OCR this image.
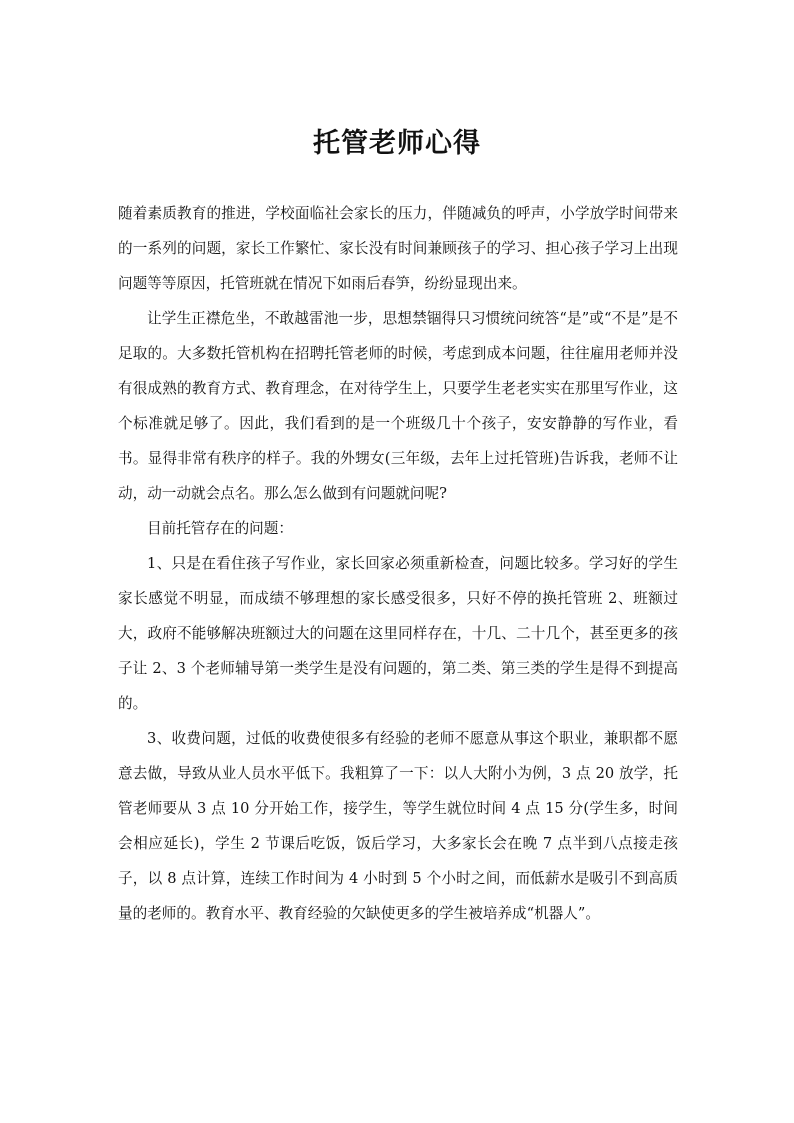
托管老师心得

随着素质教育的推进，学校面临社会家长的压力，伴随减负的呼声，小学放学时间带来的一系列的问题，家长工作繁忙、家长没有时间兼顾孩子的学习、担心孩子学习上出现问题等等原因，托管班就在情况下如雨后春笋，纷纷显现出来。

让学生正襟危坐，不敢越雷池一步，思想禁锢得只习惯统问统答“是”或“不是”是不足取的。大多数托管机构在招聘托管老师的时候，考虑到成本问题，往往雇用老师并没有很成熟的教育方式、教育理念，在对待学生上，只要学生老老实实在那里写作业，这个标准就足够了。因此，我们看到的是一个班级几十个孩子，安安静静的写作业，看书。显得非常有秩序的样子。我的外甥女(三年级，去年上过托管班)告诉我，老师不让动，动一动就会点名。那么怎么做到有问题就问呢?

目前托管存在的问题：

1、只是在看住孩子写作业，家长回家必须重新检查，问题比较多。学习好的学生家长感觉不明显，而成绩不够理想的家长感受很多，只好不停的换托管班 2、班额过大，政府不能够解决班额过大的问题在这里同样存在，十几、二十几个，甚至更多的孩子让 2、3 个老师辅导第一类学生是没有问题的，第二类、第三类的学生是得不到提高的。

3、收费问题，过低的收费使很多有经验的老师不愿意从事这个职业，兼职都不愿意去做，导致从业人员水平低下。我粗算了一下：以人大附小为例，3 点 20 放学，托管老师要从 3 点 10 分开始工作，接学生，等学生就位时间 4 点 15 分(学生多，时间会相应延长)，学生 2 节课后吃饭，饭后学习，大多家长会在晚 7 点半到八点接走孩子，以 8 点计算，连续工作时间为 4 小时到 5 个小时之间，而低薪水是吸引不到高质量的老师的。教育水平、教育经验的欠缺使更多的学生被培养成“机器人”。
